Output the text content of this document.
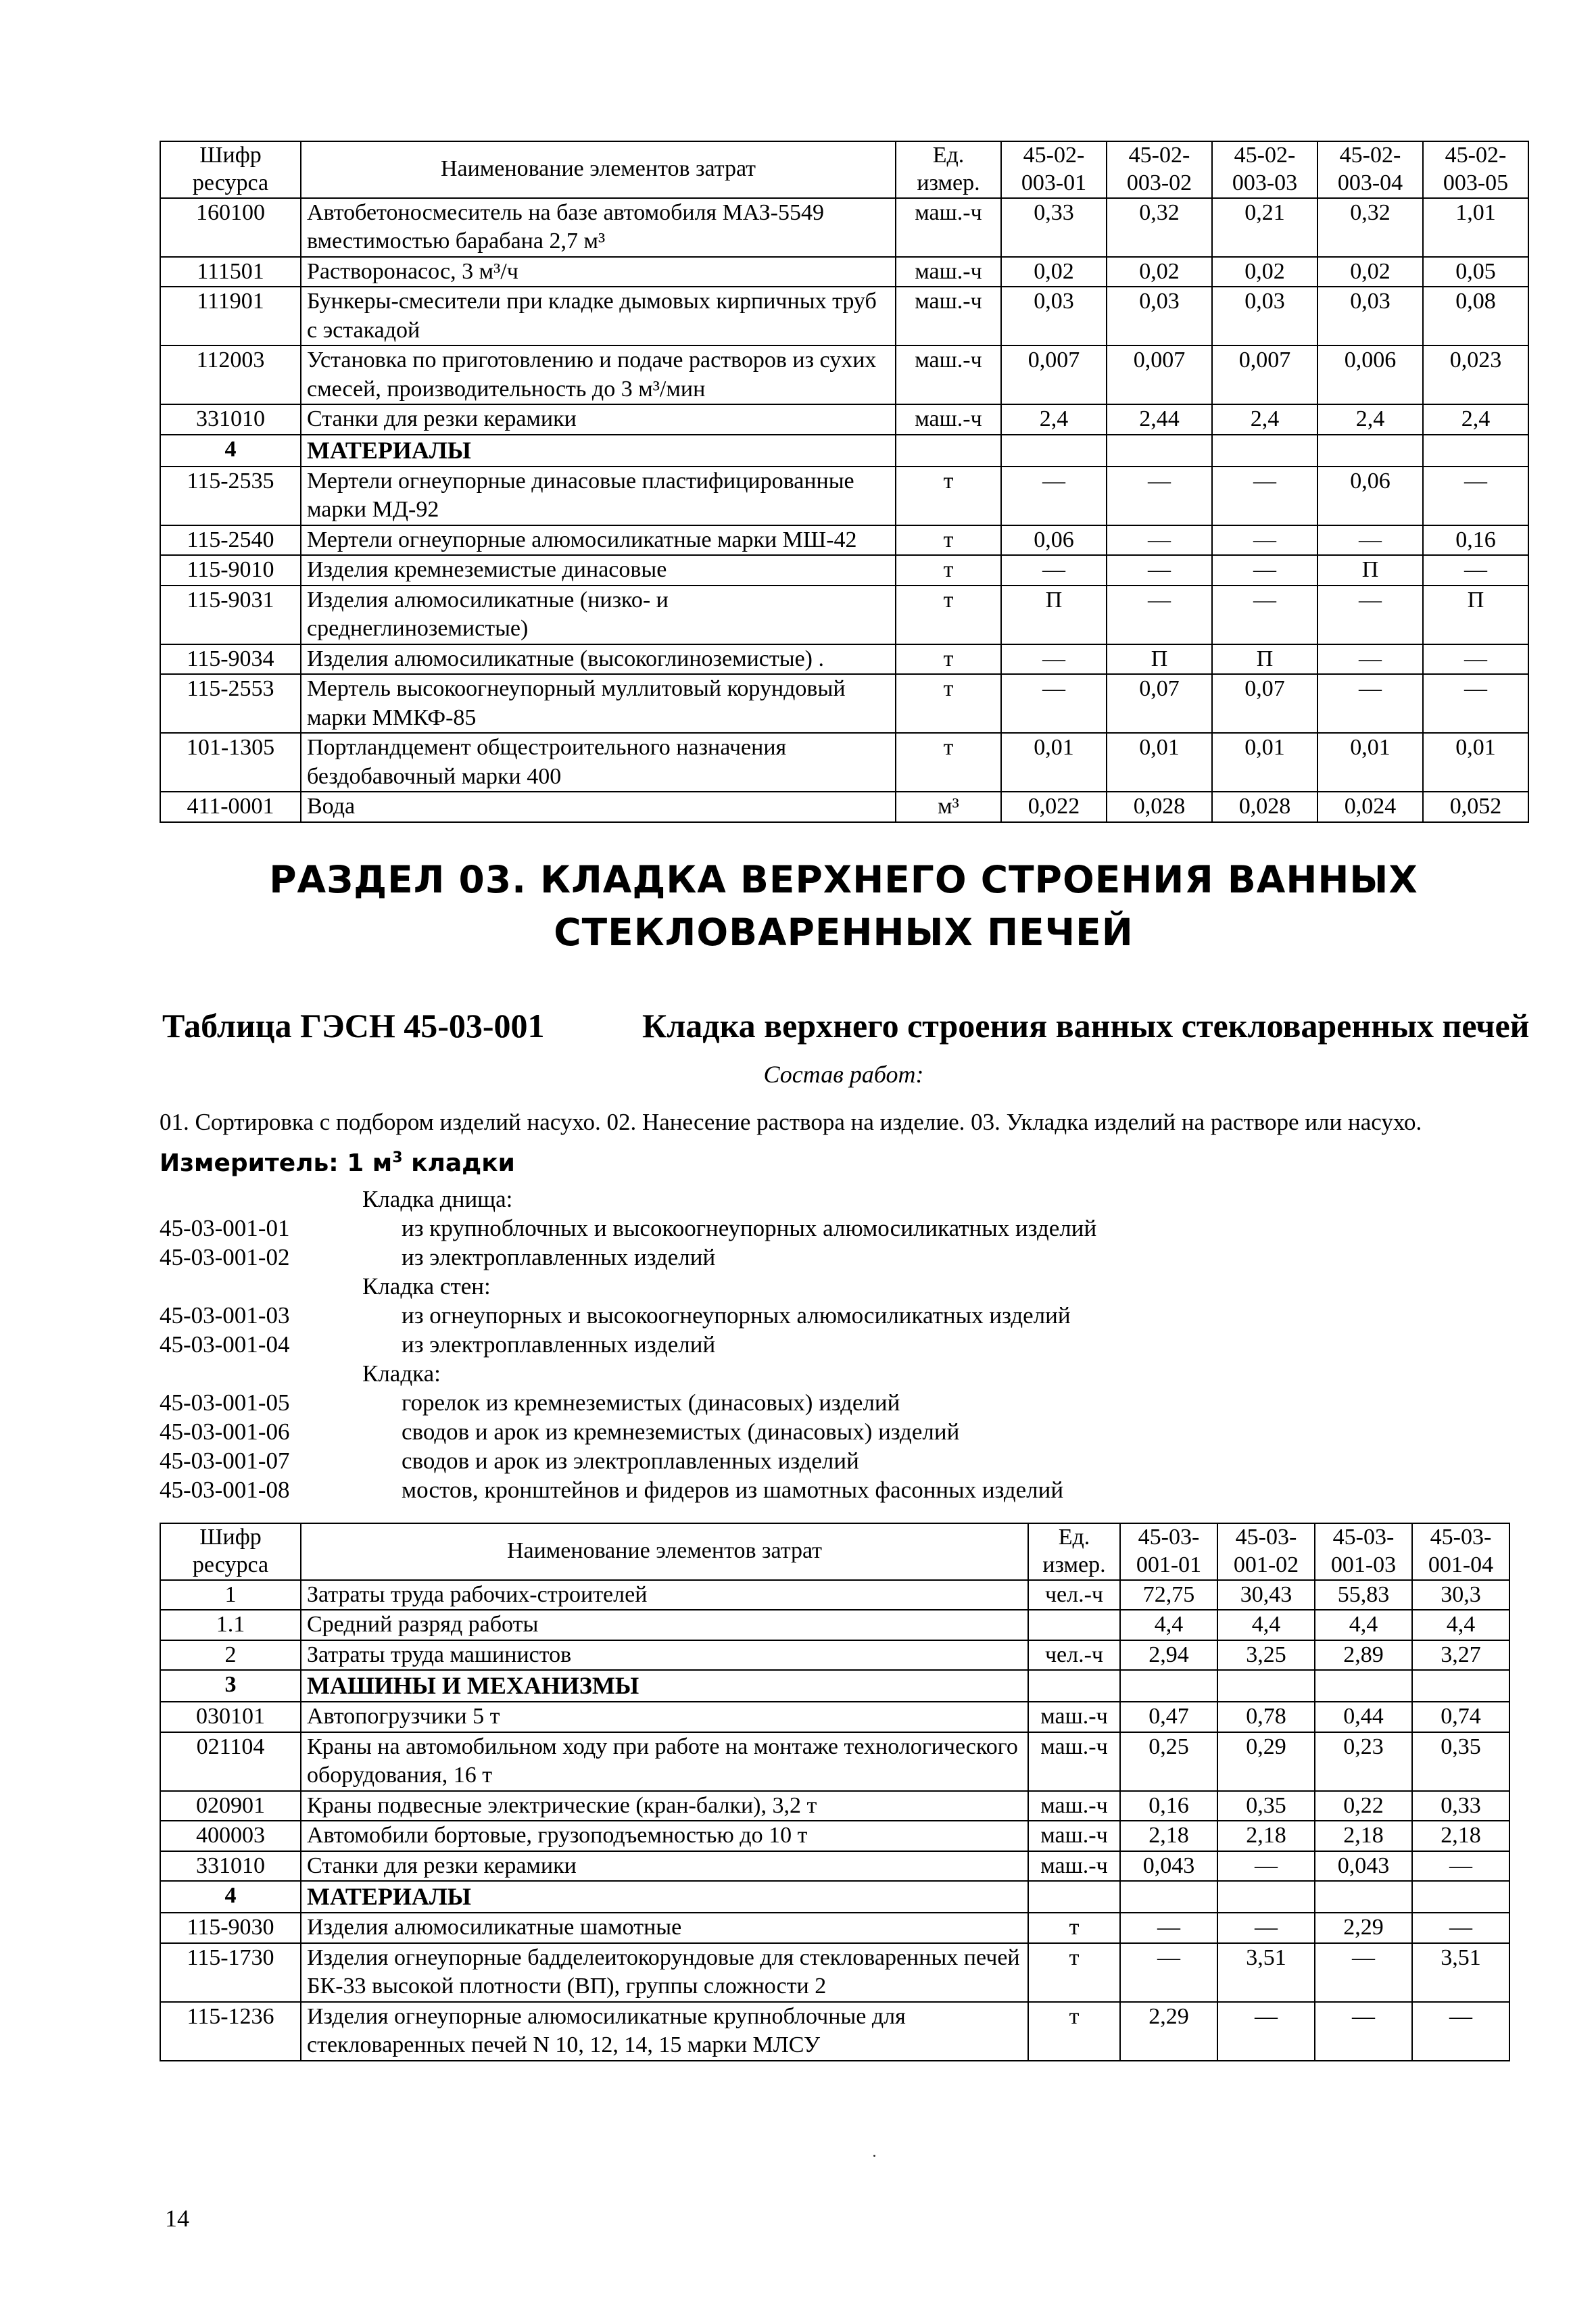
Шифр ресурса	Наименование элементов затрат	Ед. измер.	45-02-003-01	45-02-003-02	45-02-003-03	45-02-003-04	45-02-003-05
160100	Автобетоносмеситель на базе автомобиля МАЗ-5549 вместимостью барабана 2,7 м³	маш.-ч	0,33	0,32	0,21	0,32	1,01
111501	Растворонасос, 3 м³/ч	маш.-ч	0,02	0,02	0,02	0,02	0,05
111901	Бункеры-смесители при кладке дымовых кирпичных труб с эстакадой	маш.-ч	0,03	0,03	0,03	0,03	0,08
112003	Установка по приготовлению и подаче растворов из сухих смесей, производительность до 3 м³/мин	маш.-ч	0,007	0,007	0,007	0,006	0,023
331010	Станки для резки керамики	маш.-ч	2,4	2,44	2,4	2,4	2,4
4	МАТЕРИАЛЫ						
115-2535	Мертели огнеупорные динасовые пластифицированные марки МД-92	т	—	—	—	0,06	—
115-2540	Мертели огнеупорные алюмосиликатные марки МШ-42	т	0,06	—	—	—	0,16
115-9010	Изделия кремнеземистые динасовые	т	—	—	—	П	—
115-9031	Изделия алюмосиликатные (низко- и среднеглиноземистые)	т	П	—	—	—	П
115-9034	Изделия алюмосиликатные (высокоглиноземистые) .	т	—	П	П	—	—
115-2553	Мертель высокоогнеупорный муллитовый корундовый марки ММКФ-85	т	—	0,07	0,07	—	—
101-1305	Портландцемент общестроительного назначения бездобавочный марки 400	т	0,01	0,01	0,01	0,01	0,01
411-0001	Вода	м³	0,022	0,028	0,028	0,024	0,052
РАЗДЕЛ 03. КЛАДКА ВЕРХНЕГО СТРОЕНИЯ ВАННЫХ
СТЕКЛОВАРЕННЫХ ПЕЧЕЙ
Таблица ГЭСН 45-03-001	Кладка верхнего строения ванных стекловаренных печей
Состав работ:
01. Сортировка с подбором изделий насухо. 02. Нанесение раствора на изделие. 03. Укладка изделий на растворе или насухо.
Измеритель: 1 $м^3$ кладки
Кладка днища:
45-03-001-01	из крупноблочных и высокоогнеупорных алюмосиликатных изделий
45-03-001-02	из электроплавленных изделий
Кладка стен:
45-03-001-03	из огнеупорных и высокоогнеупорных алюмосиликатных изделий
45-03-001-04	из электроплавленных изделий
Кладка:
45-03-001-05	горелок из кремнеземистых (динасовых) изделий
45-03-001-06	сводов и арок из кремнеземистых (динасовых) изделий
45-03-001-07	сводов и арок из электроплавленных изделий
45-03-001-08	мостов, кронштейнов и фидеров из шамотных фасонных изделий
Шифр ресурса	Наименование элементов затрат	Ед. измер.	45-03-001-01	45-03-001-02	45-03-001-03	45-03-001-04
1	Затраты труда рабочих-строителей	чел.-ч	72,75	30,43	55,83	30,3
1.1	Средний разряд работы		4,4	4,4	4,4	4,4
2	Затраты труда машинистов	чел.-ч	2,94	3,25	2,89	3,27
3	МАШИНЫ И МЕХАНИЗМЫ					
030101	Автопогрузчики 5 т	маш.-ч	0,47	0,78	0,44	0,74
021104	Краны на автомобильном ходу при работе на монтаже технологического оборудования, 16 т	маш.-ч	0,25	0,29	0,23	0,35
020901	Краны подвесные электрические (кран-балки), 3,2 т	маш.-ч	0,16	0,35	0,22	0,33
400003	Автомобили бортовые, грузоподъемностью до 10 т	маш.-ч	2,18	2,18	2,18	2,18
331010	Станки для резки керамики	маш.-ч	0,043	—	0,043	—
4	МАТЕРИАЛЫ					
115-9030	Изделия алюмосиликатные шамотные	т	—	—	2,29	—
115-1730	Изделия огнеупорные бадделеитокорундовые для стекловаренных печей БК-33 высокой плотности (ВП), группы сложности 2	т	—	3,51	—	3,51
115-1236	Изделия огнеупорные алюмосиликатные крупноблочные для стекловаренных печей N 10, 12, 14, 15 марки МЛСУ	т	2,29	—	—	—
14
